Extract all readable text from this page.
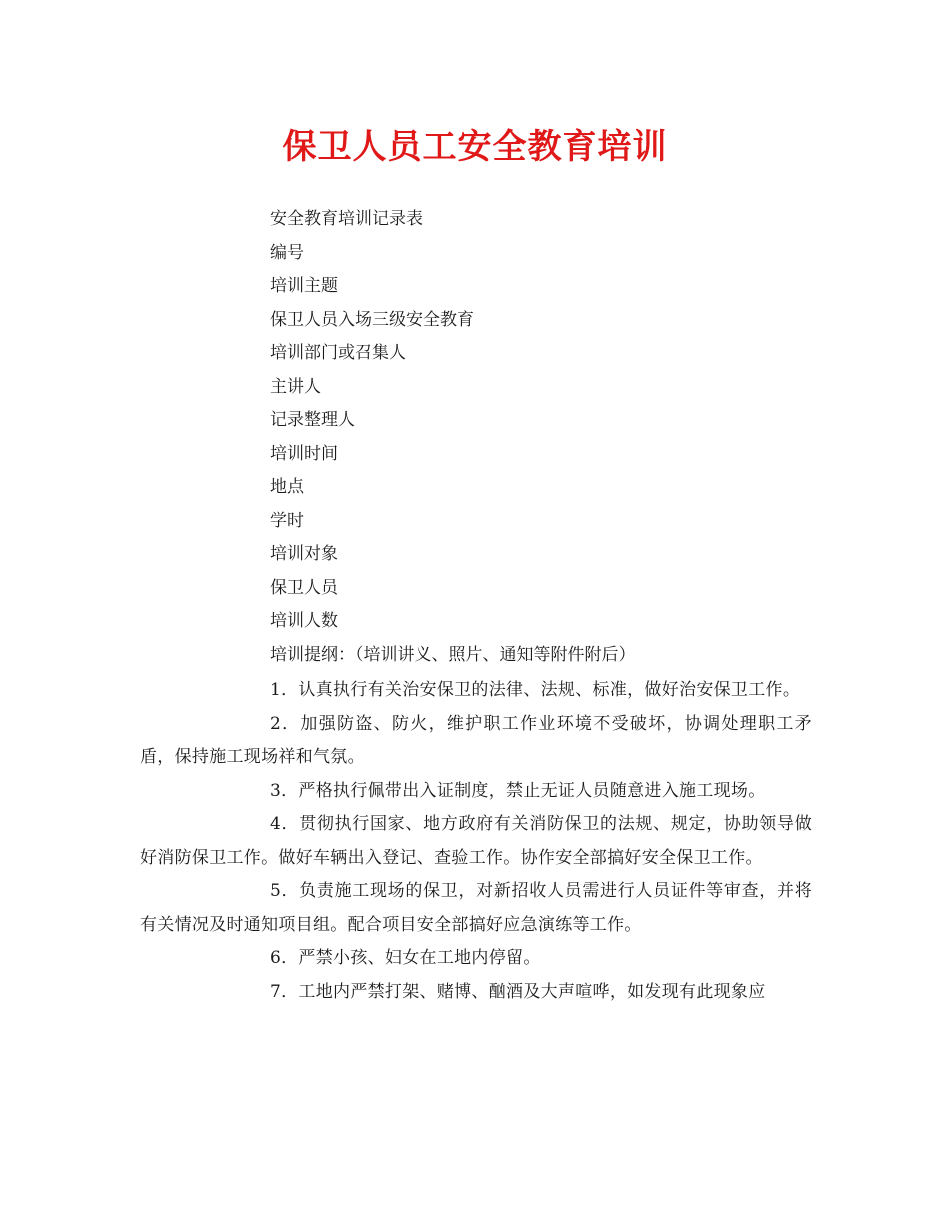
保卫人员工安全教育培训
安全教育培训记录表
编号
培训主题
保卫人员入场三级安全教育
培训部门或召集人
主讲人
记录整理人
培训时间
地点
学时
培训对象
保卫人员
培训人数
培训提纲：（培训讲义、照片、通知等附件附后）

1．认真执行有关治安保卫的法律、法规、标准，做好治安保卫工作。

2．加强防盗、防火，维护职工作业环境不受破坏，协调处理职工矛盾，保持施工现场祥和气氛。

3．严格执行佩带出入证制度，禁止无证人员随意进入施工现场。

4．贯彻执行国家、地方政府有关消防保卫的法规、规定，协助领导做好消防保卫工作。做好车辆出入登记、查验工作。协作安全部搞好安全保卫工作。

5．负责施工现场的保卫，对新招收人员需进行人员证件等审查，并将有关情况及时通知项目组。配合项目安全部搞好应急演练等工作。

6．严禁小孩、妇女在工地内停留。

7．工地内严禁打架、赌博、酗酒及大声喧哗，如发现有此现象应
